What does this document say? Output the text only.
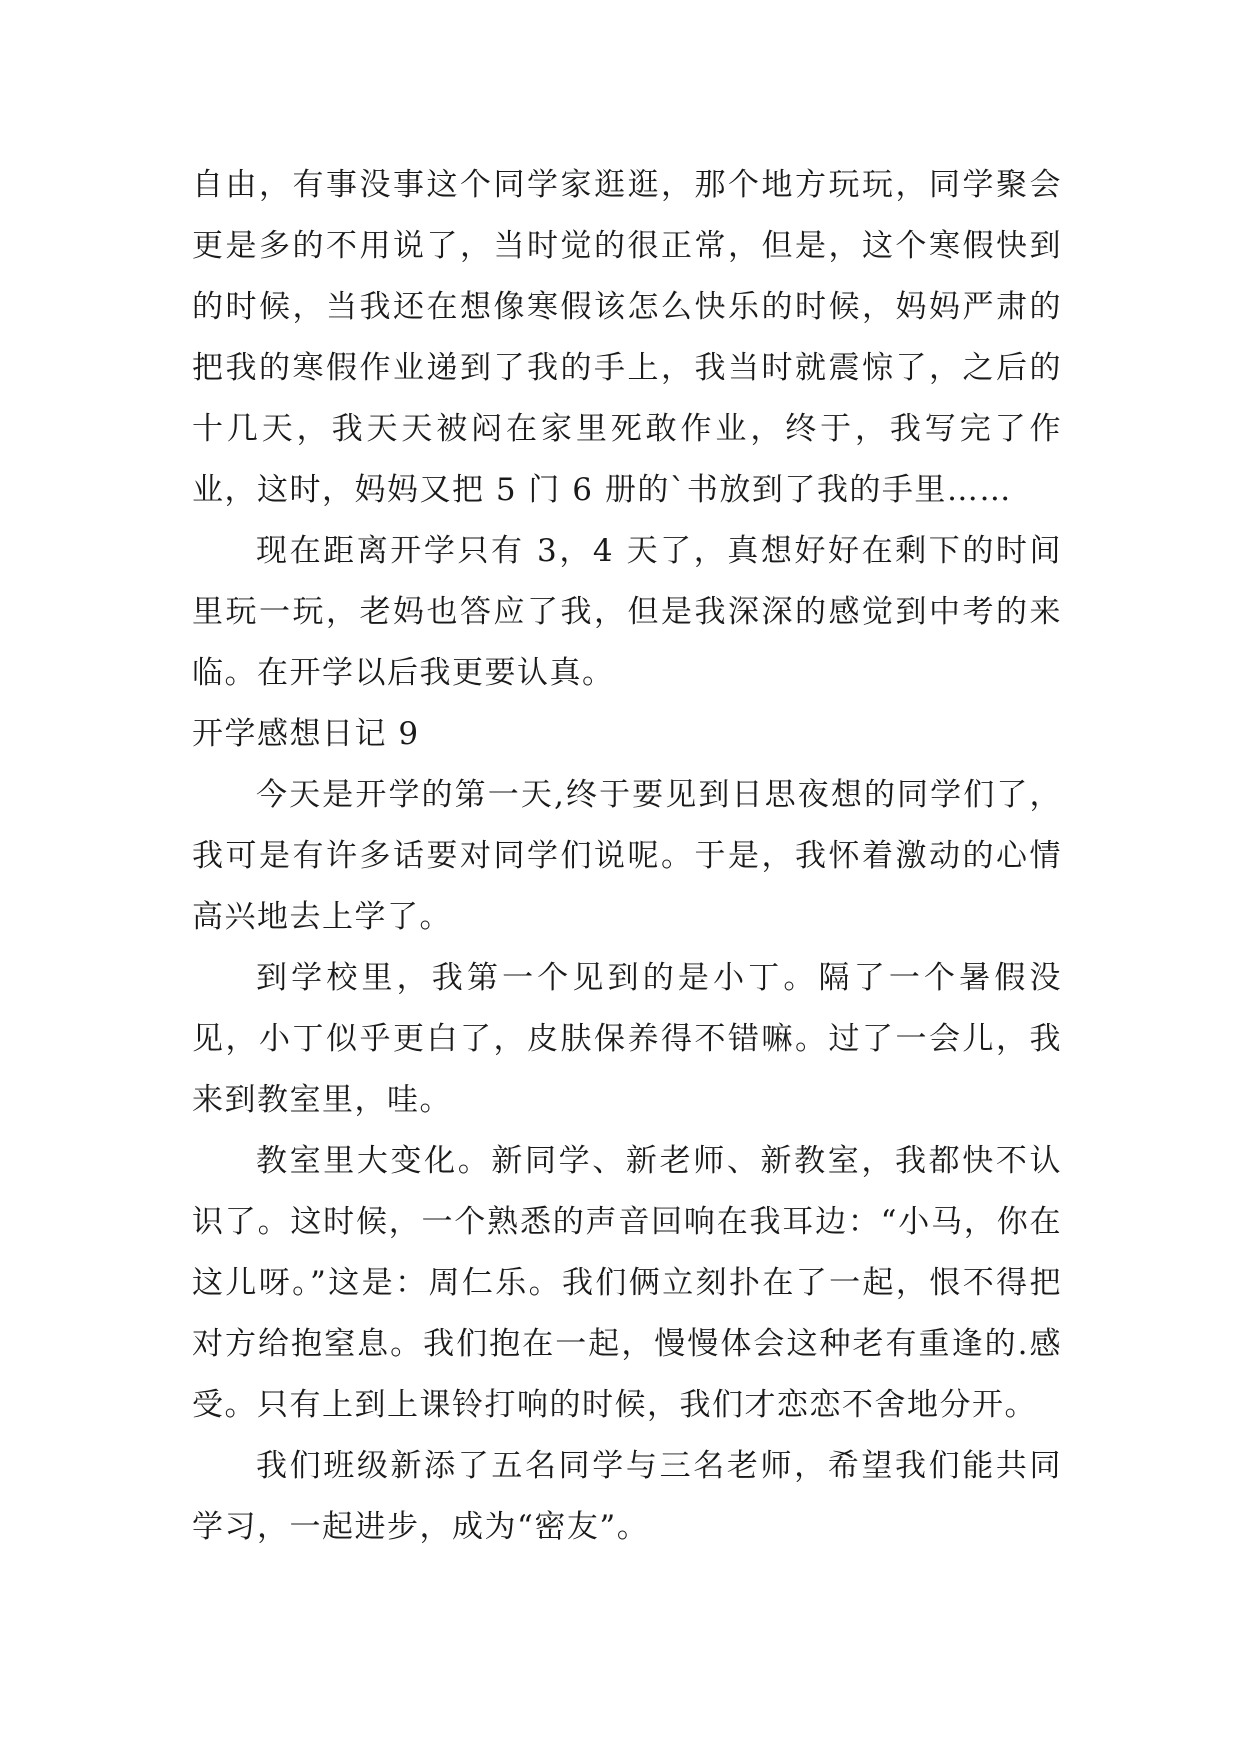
自由，有事没事这个同学家逛逛，那个地方玩玩，同学聚会更是多的不用说了，当时觉的很正常，但是，这个寒假快到的时候，当我还在想像寒假该怎么快乐的时候，妈妈严肃的把我的寒假作业递到了我的手上，我当时就震惊了，之后的十几天，我天天被闷在家里死敢作业，终于，我写完了作业，这时，妈妈又把 5 门 6 册的`书放到了我的手里……

现在距离开学只有 3，4 天了，真想好好在剩下的时间里玩一玩，老妈也答应了我，但是我深深的感觉到中考的来临。在开学以后我更要认真。

开学感想日记 9

今天是开学的第一天,终于要见到日思夜想的同学们了，我可是有许多话要对同学们说呢。于是，我怀着激动的心情高兴地去上学了。

到学校里，我第一个见到的是小丁。隔了一个暑假没见，小丁似乎更白了，皮肤保养得不错嘛。过了一会儿，我来到教室里，哇。

教室里大变化。新同学、新老师、新教室，我都快不认识了。这时候，一个熟悉的声音回响在我耳边：“小马，你在这儿呀。”这是：周仁乐。我们俩立刻扑在了一起，恨不得把对方给抱窒息。我们抱在一起，慢慢体会这种老有重逢的.感受。只有上到上课铃打响的时候，我们才恋恋不舍地分开。

我们班级新添了五名同学与三名老师，希望我们能共同学习，一起进步，成为“密友”。
